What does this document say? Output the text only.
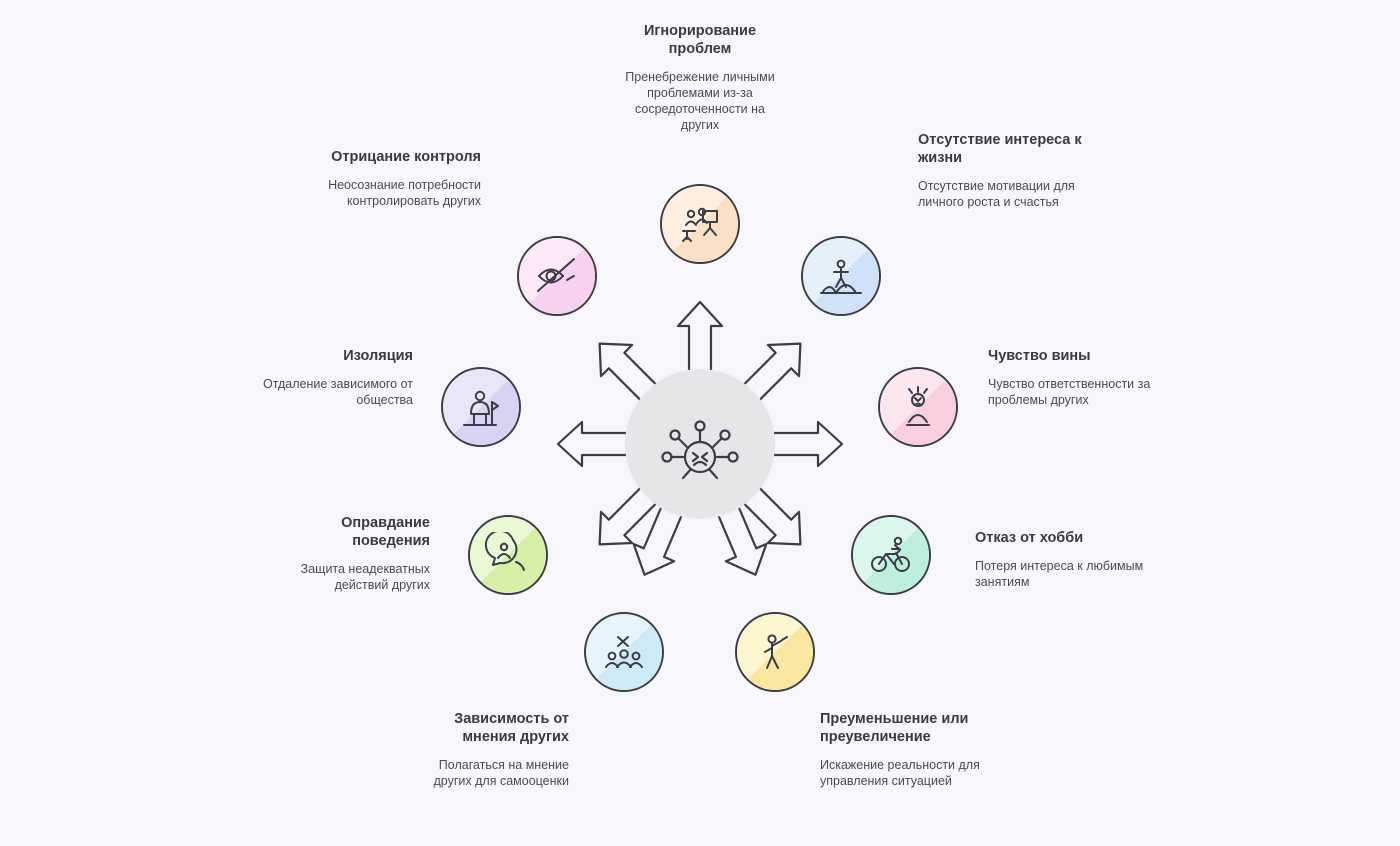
Игнорирование проблем
Пренебрежение личными проблемами из-за сосредоточенности на других
Отсутствие интереса к жизни
Отсутствие мотивации для личного роста и счастья
Чувство вины
Чувство ответственности за проблемы других
Отказ от хобби
Потеря интереса к любимым занятиям
Преуменьшение или преувеличение
Искажение реальности для управления ситуацией
Зависимость от мнения других
Полагаться на мнение других для самооценки
Оправдание поведения
Защита неадекватных действий других
Изоляция
Отдаление зависимого от общества
Отрицание контроля
Неосознание потребности контролировать других
